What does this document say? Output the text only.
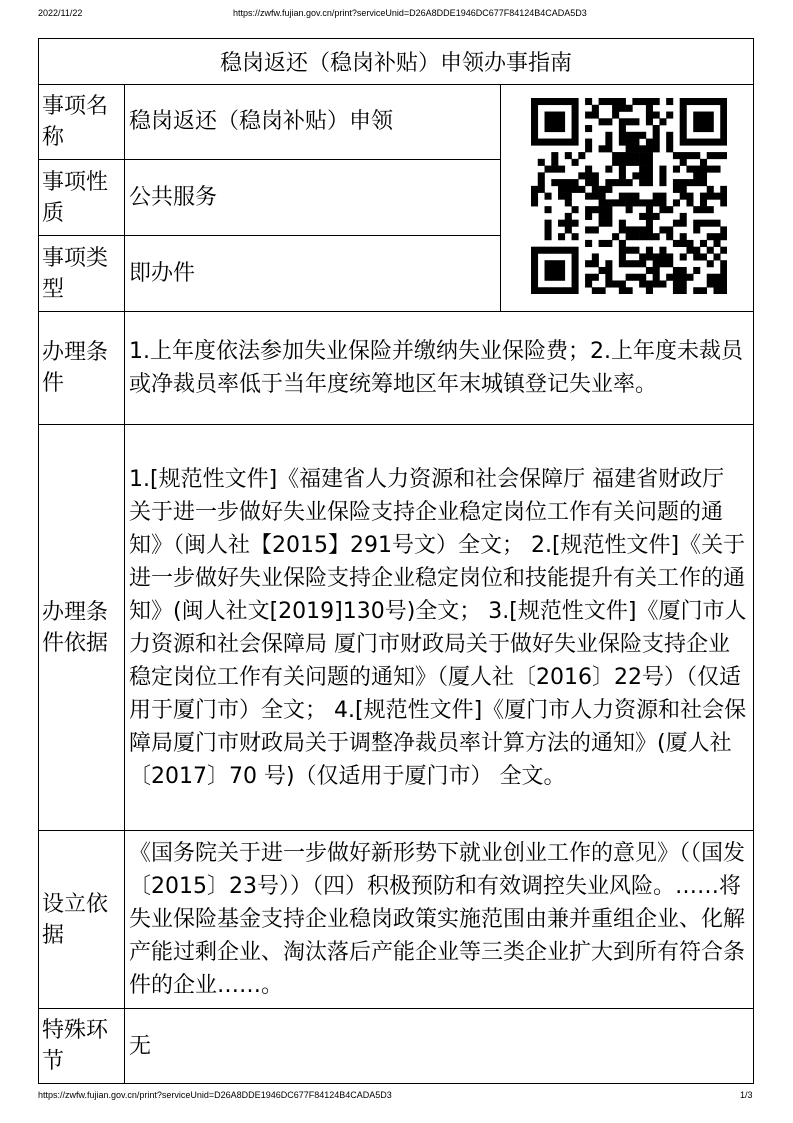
2022/11/22	https://zwfw.fujian.gov.cn/print?serviceUnid=D26A8DDE1946DC677F84124B4CADA5D3
稳岗返还（稳岗补贴）申领办事指南
事项名称
稳岗返还（稳岗补贴）申领
事项性质
公共服务
事项类型
即办件
办理条件
1.上年度依法参加失业保险并缴纳失业保险费；2.上年度未裁员或净裁员率低于当年度统筹地区年末城镇登记失业率。
办理条件依据
1.[规范性文件]《福建省人力资源和社会保障厅 福建省财政厅 关于进一步做好失业保险支持企业稳定岗位工作有关问题的通知》（闽人社【2015】291号文）全文； 2.[规范性文件]《关于进一步做好失业保险支持企业稳定岗位和技能提升有关工作的通知》(闽人社文[2019]130号)全文； 3.[规范性文件]《厦门市人力资源和社会保障局 厦门市财政局关于做好失业保险支持企业稳定岗位工作有关问题的通知》（厦人社〔2016〕22号）（仅适用于厦门市）全文； 4.[规范性文件]《厦门市人力资源和社会保障局厦门市财政局关于调整净裁员率计算方法的通知》(厦人社〔2017〕70 号)（仅适用于厦门市） 全文。
设立依据
《国务院关于进一步做好新形势下就业创业工作的意见》（（国发〔2015〕23号））（四）积极预防和有效调控失业风险。……将失业保险基金支持企业稳岗政策实施范围由兼并重组企业、化解产能过剩企业、淘汰落后产能企业等三类企业扩大到所有符合条件的企业……。
特殊环节
无
https://zwfw.fujian.gov.cn/print?serviceUnid=D26A8DDE1946DC677F84124B4CADA5D3	1/3
